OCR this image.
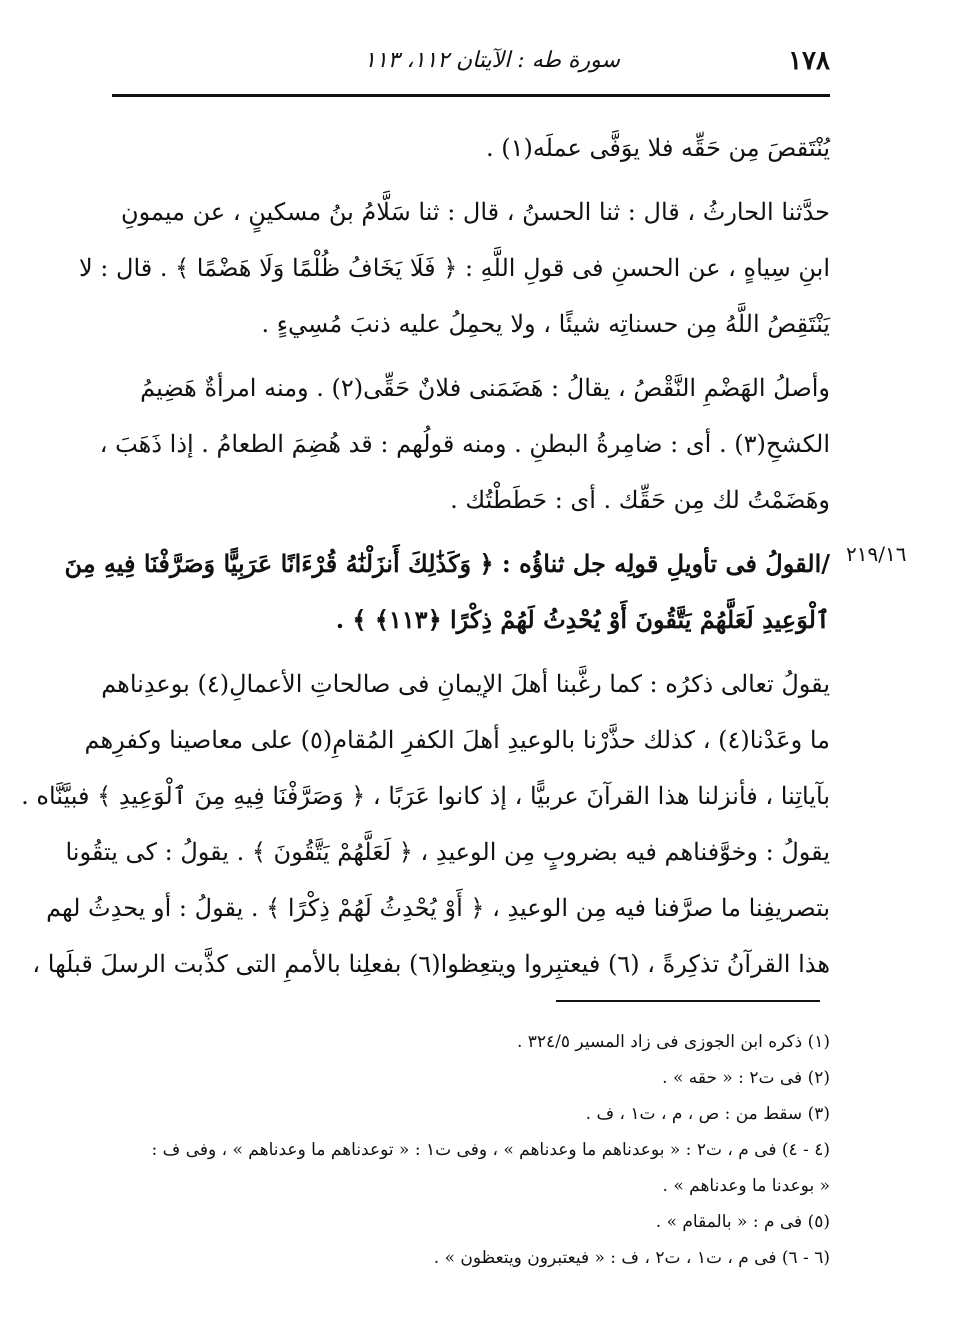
١٧٨
سورة طه : الآيتان ١١٢، ١١٣
٢١٩/١٦
يُنْتَقصَ مِن حَقِّه فلا يوَفَّى عملَه(١) .
حدَّثنا الحارثُ ، قال : ثنا الحسنُ ، قال : ثنا سَلَّامُ بنُ مسكينٍ ، عن ميمونِ
ابنِ سِياهٍ ، عن الحسنِ فى قولِ اللَّهِ : ﴿ فَلَا يَخَافُ ظُلْمًا وَلَا هَضْمًا ﴾ . قال : لا
يَنْتَقِصُ اللَّهُ مِن حسناتِه شيئًا ، ولا يحمِلُ عليه ذنبَ مُسِيءٍ .
وأصلُ الهَضْمِ النَّقْصُ ، يقالُ : هَضَمَنى فلانٌ حَقِّى(٢) . ومنه امرأةٌ هَضِيمُ
الكشحِ(٣) . أى : ضامِرةُ البطنِ . ومنه قولُهم : قد هُضِمَ الطعامُ . إذا ذَهَبَ ،
وهَضَمْتُ لك مِن حَقِّك . أى : حَطَطْتُك .
/القولُ فى تأويلِ قولِه جل ثناؤُه : ﴿ وَكَذَٰلِكَ أَنزَلْنَٰهُ قُرْءَانًا عَرَبِيًّا وَصَرَّفْنَا فِيهِ مِنَ
ٱلْوَعِيدِ لَعَلَّهُمْ يَتَّقُونَ أَوْ يُحْدِثُ لَهُمْ ذِكْرًا ﴿١١٣﴾ ﴾ .
يقولُ تعالى ذكرُه : كما رغَّبنا أهلَ الإيمانِ فى صالحاتِ الأعمالِ(٤) بوعدِناهم
ما وعَدْنا(٤) ، كذلك حذَّرْنا بالوعيدِ أهلَ الكفرِ المُقامِ(٥) على معاصينا وكفرِهم
بآياتِنا ، فأنزلنا هذا القرآنَ عربيًّا ، إذ كانوا عَرَبًا ، ﴿ وَصَرَّفْنَا فِيهِ مِنَ ٱلْوَعِيدِ ﴾ فبيَّنَّاه .
يقولُ : وخوَّفناهم فيه بضروبٍ مِن الوعيدِ ، ﴿ لَعَلَّهُمْ يَتَّقُونَ ﴾ . يقولُ : كى يتقُونا
بتصريفِنا ما صرَّفنا فيه مِن الوعيدِ ، ﴿ أَوْ يُحْدِثُ لَهُمْ ذِكْرًا ﴾ . يقولُ : أو يحدِثُ لهم
هذا القرآنُ تذكِرةً ، (٦) فيعتبِروا ويتعِظوا(٦) بفعلِنا بالأممِ التى كذَّبت الرسلَ قبلَها ،
(١) ذكره ابن الجوزى فى زاد المسير ٣٢٤/٥ .
(٢) فى ت٢ : « حقه » .
(٣) سقط من : ص ، م ، ت١ ، ف .
(٤ - ٤) فى م ، ت٢ : « بوعدناهم ما وعدناهم » ، وفى ت١ : « توعدناهم ما وعدناهم » ، وفى ف :
« بوعدنا ما وعدناهم » .
(٥) فى م : « بالمقام » .
(٦ - ٦) فى م ، ت١ ، ت٢ ، ف : « فيعتبرون ويتعظون » .
